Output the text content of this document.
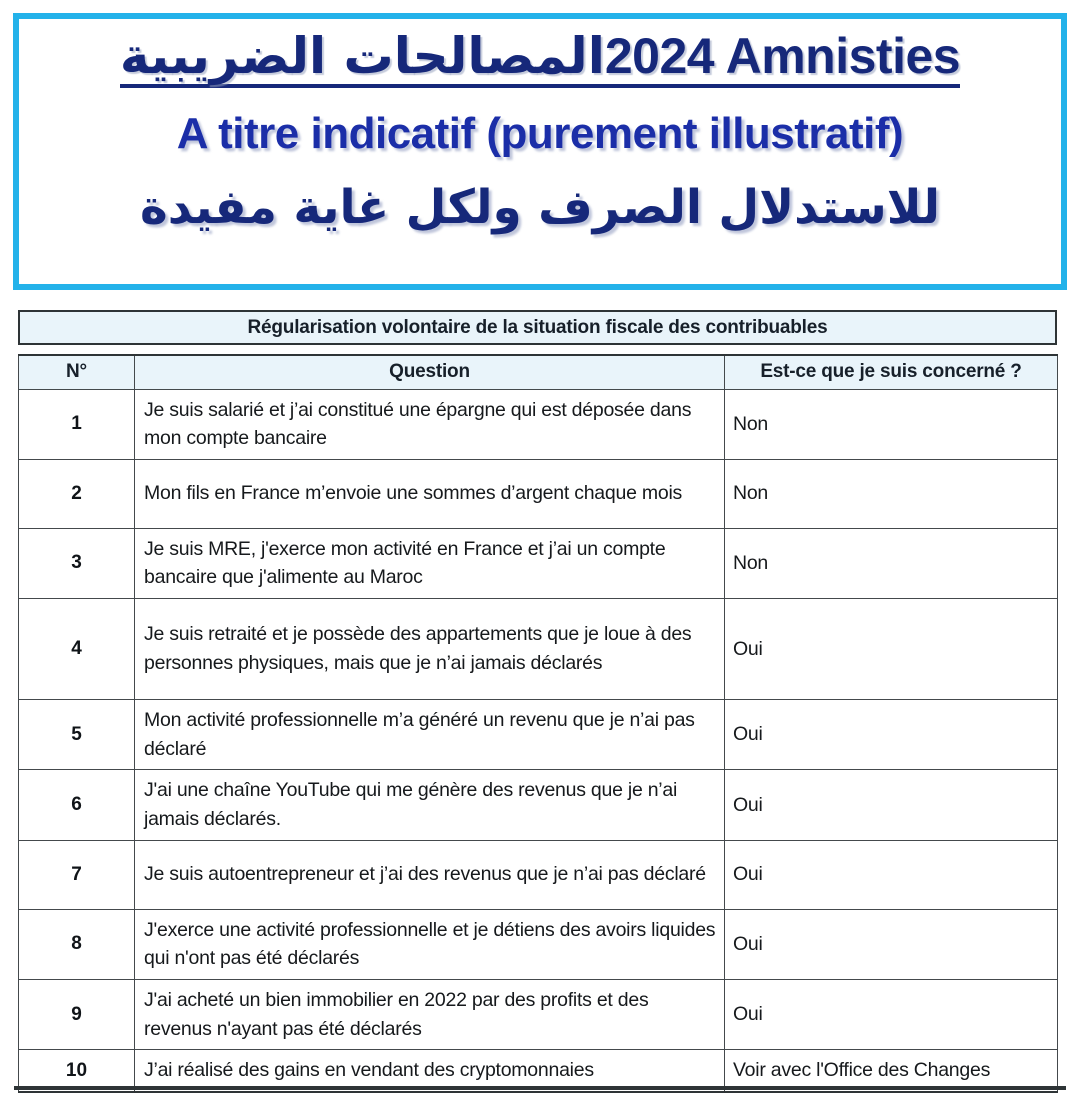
المصالحات الضريبية2024 Amnisties
A titre indicatif (purement illustratif)
للاستدلال الصرف ولكل غاية مفيدة
Régularisation volontaire de la situation fiscale des contribuables
N°	Question	Est-ce que je suis concerné ?
1	Je suis salarié et j’ai constitué une épargne qui est déposée dans mon compte bancaire	Non
2	Mon fils en France m’envoie une sommes d’argent chaque mois	Non
3	Je suis MRE, j'exerce mon activité en France et j’ai un compte bancaire que j'alimente au Maroc	Non
4	Je suis retraité et je possède des appartements que je loue à des personnes physiques, mais que je n’ai jamais déclarés	Oui
5	Mon activité professionnelle m’a généré un revenu que je n’ai pas déclaré	Oui
6	J'ai une chaîne YouTube qui me génère des revenus que je n’ai jamais déclarés.	Oui
7	Je suis autoentrepreneur et j’ai des revenus que je n’ai pas déclaré	Oui
8	J'exerce une activité professionnelle et je détiens des avoirs liquides qui n'ont pas été déclarés	Oui
9	J'ai acheté un bien immobilier en 2022 par des profits et des revenus n'ayant pas été déclarés	Oui
10	J’ai réalisé des gains en vendant des cryptomonnaies	Voir avec l'Office des Changes
